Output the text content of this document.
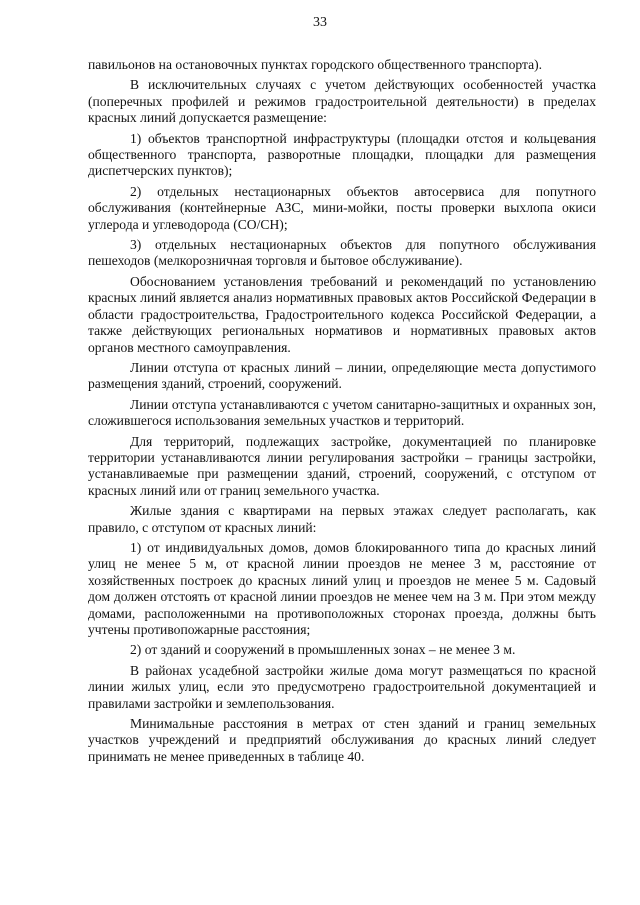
33

павильонов на остановочных пунктах городского общественного транспорта).

В исключительных случаях с учетом действующих особенностей участка (поперечных профилей и режимов градостроительной деятельности) в пределах красных линий допускается размещение:

1) объектов транспортной инфраструктуры (площадки отстоя и кольцевания общественного транспорта, разворотные площадки, площадки для размещения диспетчерских пунктов);

2) отдельных нестационарных объектов автосервиса для попутного обслуживания (контейнерные АЗС, мини-мойки, посты проверки выхлопа окиси углерода и углеводорода (СО/СН);

3) отдельных нестационарных объектов для попутного обслуживания пешеходов (мелкорозничная торговля и бытовое обслуживание).

Обоснованием установления требований и рекомендаций по установлению красных линий является анализ нормативных правовых актов Российской Федерации в области градостроительства, Градостроительного кодекса Российской Федерации, а также действующих региональных нормативов и нормативных правовых актов органов местного самоуправления.

Линии отступа от красных линий – линии, определяющие места допустимого размещения зданий, строений, сооружений.

Линии отступа устанавливаются с учетом санитарно-защитных и охранных зон, сложившегося использования земельных участков и территорий.

Для территорий, подлежащих застройке, документацией по планировке территории устанавливаются линии регулирования застройки – границы застройки, устанавливаемые при размещении зданий, строений, сооружений, с отступом от красных линий или от границ земельного участка.

Жилые здания с квартирами на первых этажах следует располагать, как правило, с отступом от красных линий:

1) от индивидуальных домов, домов блокированного типа до красных линий улиц не менее 5 м, от красной линии проездов не менее 3 м, расстояние от хозяйственных построек до красных линий улиц и проездов не менее 5 м. Садовый дом должен отстоять от красной линии проездов не менее чем на 3 м. При этом между домами, расположенными на противоположных сторонах проезда, должны быть учтены противопожарные расстояния;

2) от зданий и сооружений в промышленных зонах – не менее 3 м.

В районах усадебной застройки жилые дома могут размещаться по красной линии жилых улиц, если это предусмотрено градостроительной документацией и правилами застройки и землепользования.

Минимальные расстояния в метрах от стен зданий и границ земельных участков учреждений и предприятий обслуживания до красных линий следует принимать не менее приведенных в таблице 40.
